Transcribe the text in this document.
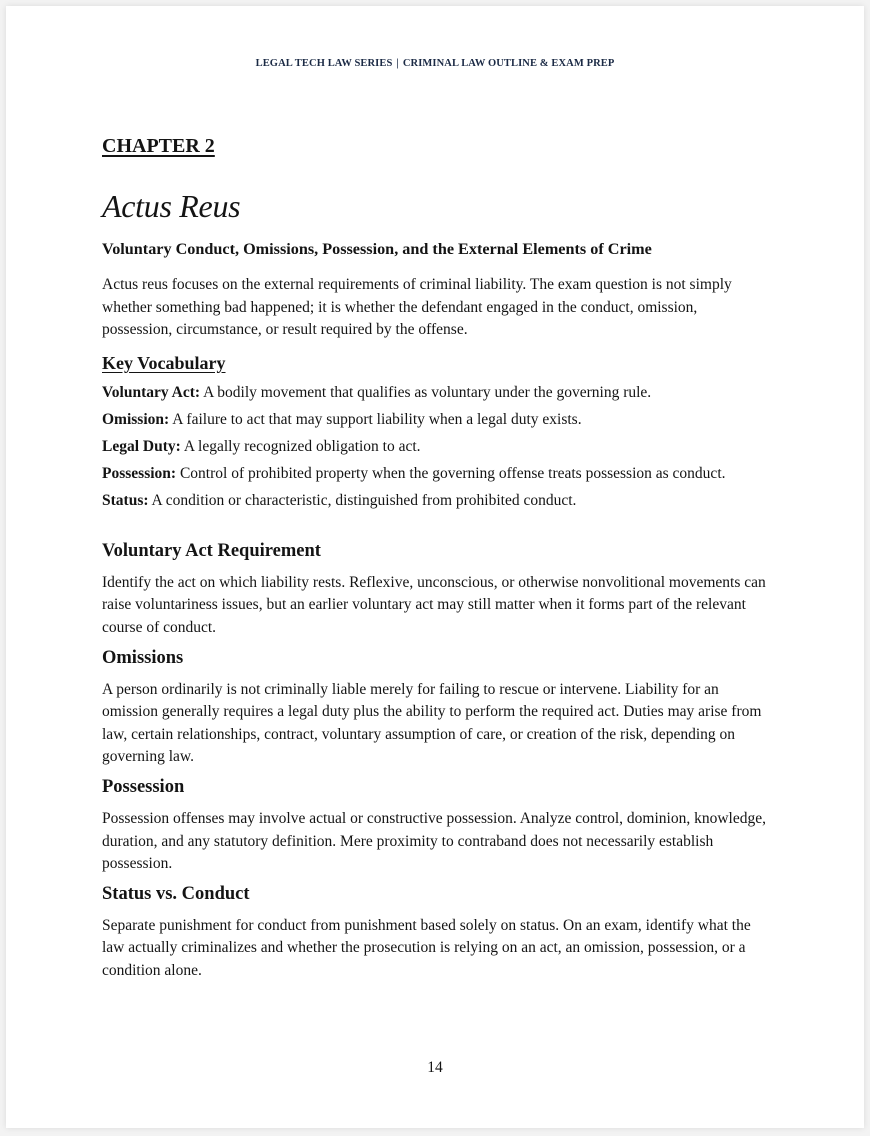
LEGAL TECH LAW SERIES | CRIMINAL LAW OUTLINE & EXAM PREP
CHAPTER 2
Actus Reus
Voluntary Conduct, Omissions, Possession, and the External Elements of Crime

Actus reus focuses on the external requirements of criminal liability. The exam question is not simply whether something bad happened; it is whether the defendant engaged in the conduct, omission, possession, circumstance, or result required by the offense.

Key Vocabulary
Voluntary Act: A bodily movement that qualifies as voluntary under the governing rule.
Omission: A failure to act that may support liability when a legal duty exists.
Legal Duty: A legally recognized obligation to act.
Possession: Control of prohibited property when the governing offense treats possession as conduct.
Status: A condition or characteristic, distinguished from prohibited conduct.
Voluntary Act Requirement

Identify the act on which liability rests. Reflexive, unconscious, or otherwise nonvolitional movements can raise voluntariness issues, but an earlier voluntary act may still matter when it forms part of the relevant course of conduct.

Omissions

A person ordinarily is not criminally liable merely for failing to rescue or intervene. Liability for an omission generally requires a legal duty plus the ability to perform the required act. Duties may arise from law, certain relationships, contract, voluntary assumption of care, or creation of the risk, depending on governing law.

Possession

Possession offenses may involve actual or constructive possession. Analyze control, dominion, knowledge, duration, and any statutory definition. Mere proximity to contraband does not necessarily establish possession.

Status vs. Conduct

Separate punishment for conduct from punishment based solely on status. On an exam, identify what the law actually criminalizes and whether the prosecution is relying on an act, an omission, possession, or a condition alone.

14
